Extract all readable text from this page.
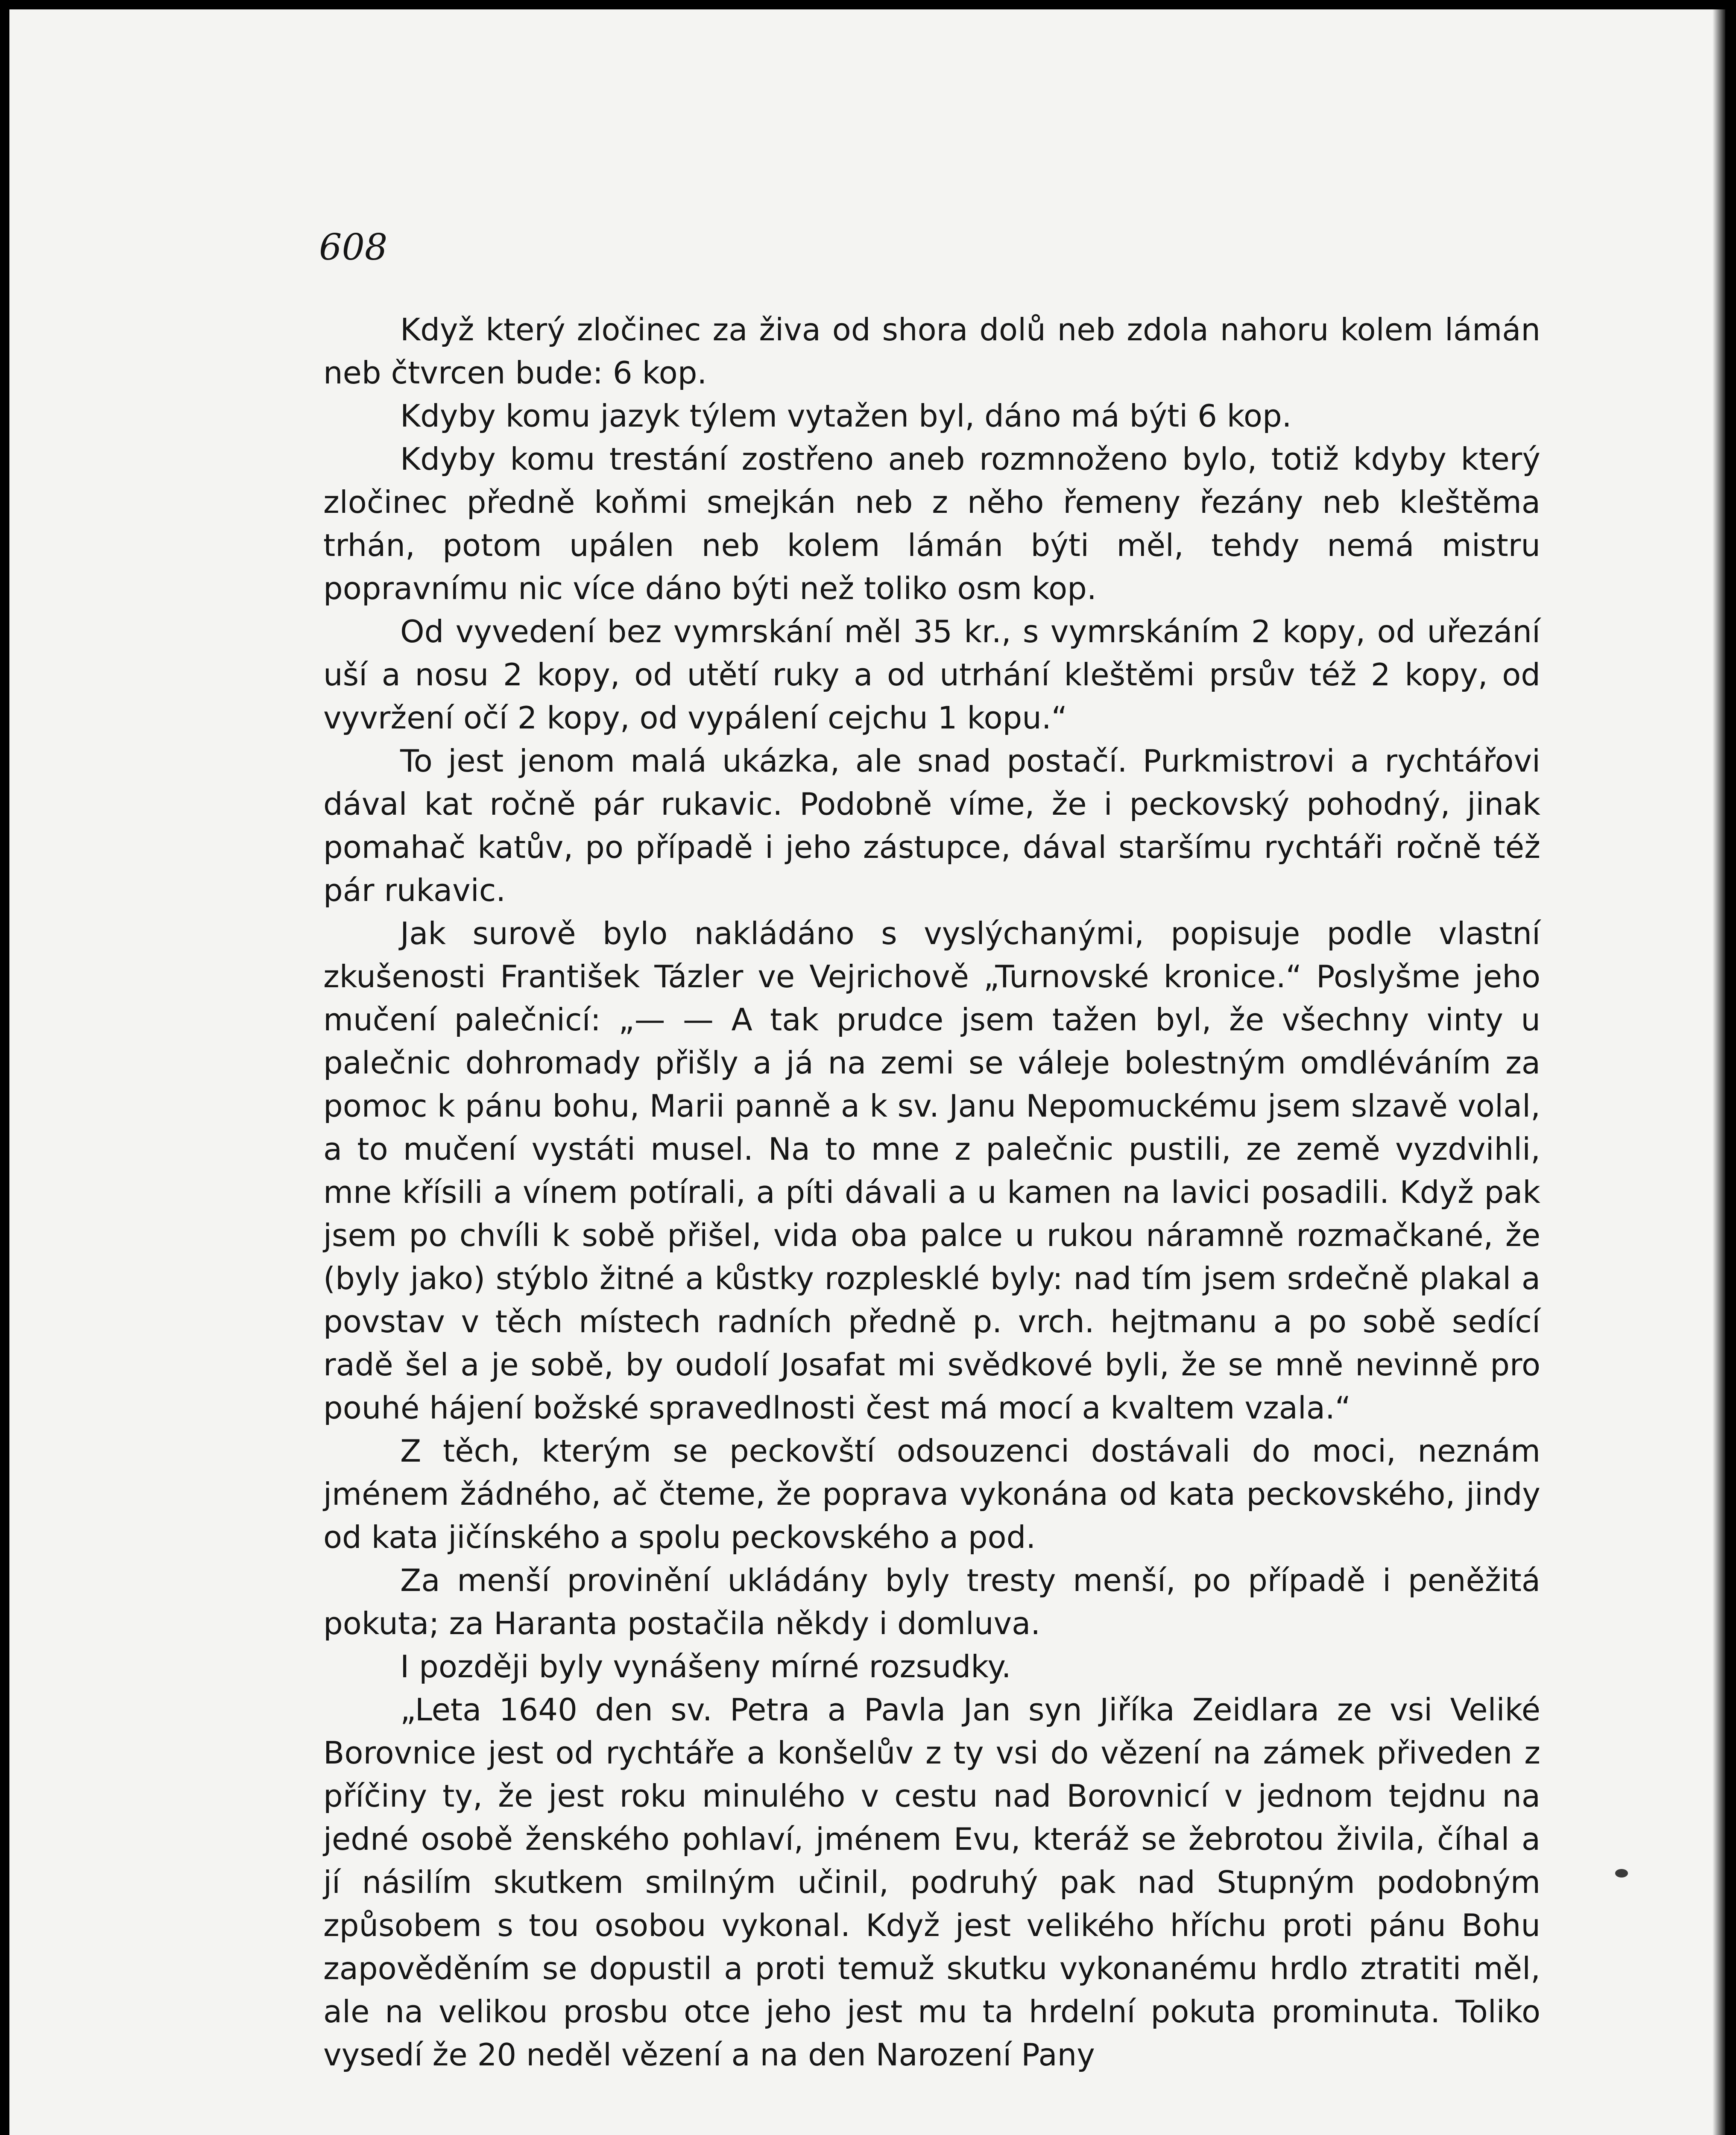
608

Když který zločinec za živa od shora dolů neb zdola nahoru kolem lámán neb čtvrcen bude: 6 kop.

Kdyby komu jazyk týlem vytažen byl, dáno má býti 6 kop.

Kdyby komu trestání zostřeno aneb rozmnoženo bylo, totiž kdyby který zločinec předně koňmi smejkán neb z něho řemeny řezány neb kleštěma trhán, potom upálen neb kolem lámán býti měl, tehdy nemá mistru popravnímu nic více dáno býti než toliko osm kop.

Od vyvedení bez vymrskání měl 35 kr., s vymrskáním 2 kopy, od uřezání uší a nosu 2 kopy, od utětí ruky a od utrhání kleštěmi prsův též 2 kopy, od vyvržení očí 2 kopy, od vypálení cejchu 1 kopu.“

To jest jenom malá ukázka, ale snad postačí. Purkmistrovi a rychtářovi dával kat ročně pár rukavic. Podobně víme, že i peckovský pohodný, jinak pomahač katův, po případě i jeho zástupce, dával staršímu rychtáři ročně též pár rukavic.

Jak surově bylo nakládáno s vyslýchanými, popisuje podle vlastní zkušenosti František Tázler ve Vejrichově „Turnovské kronice.“ Poslyšme jeho mučení palečnicí: „— — A tak prudce jsem tažen byl, že všechny vinty u palečnic dohromady přišly a já na zemi se váleje bolestným omdléváním za pomoc k pánu bohu, Marii panně a k sv. Janu Nepomuckému jsem slzavě volal, a to mučení vystáti musel. Na to mne z palečnic pustili, ze země vyzdvihli, mne křísili a vínem potírali, a píti dávali a u kamen na lavici posadili. Když pak jsem po chvíli k sobě přišel, vida oba palce u rukou náramně rozmačkané, že (byly jako) stýblo žitné a kůstky rozplesklé byly: nad tím jsem srdečně plakal a povstav v těch místech radních předně p. vrch. hejtmanu a po sobě sedící radě šel a je sobě, by oudolí Josafat mi svědkové byli, že se mně nevinně pro pouhé hájení božské spravedlnosti čest má mocí a kvaltem vzala.“

Z těch, kterým se peckovští odsouzenci dostávali do moci, neznám jménem žádného, ač čteme, že poprava vykonána od kata peckovského, jindy od kata jičínského a spolu peckovského a pod.

Za menší provinění ukládány byly tresty menší, po případě i peněžitá pokuta; za Haranta postačila někdy i domluva.

I později byly vynášeny mírné rozsudky.

„Leta 1640 den sv. Petra a Pavla Jan syn Jiříka Zeidlara ze vsi Veliké Borovnice jest od rychtáře a konšelův z ty vsi do vězení na zámek přiveden z příčiny ty, že jest roku minulého v cestu nad Borovnicí v jednom tejdnu na jedné osobě ženského pohlaví, jménem Evu, kteráž se žebrotou živila, číhal a jí násilím skutkem smilným učinil, podruhý pak nad Stupným podobným způsobem s tou osobou vykonal. Když jest velikého hříchu proti pánu Bohu zapověděním se dopustil a proti temuž skutku vykonanému hrdlo ztratiti měl, ale na velikou prosbu otce jeho jest mu ta hrdelní pokuta prominuta. Toliko vysedí že 20 neděl vězení a na den Narození Pany
